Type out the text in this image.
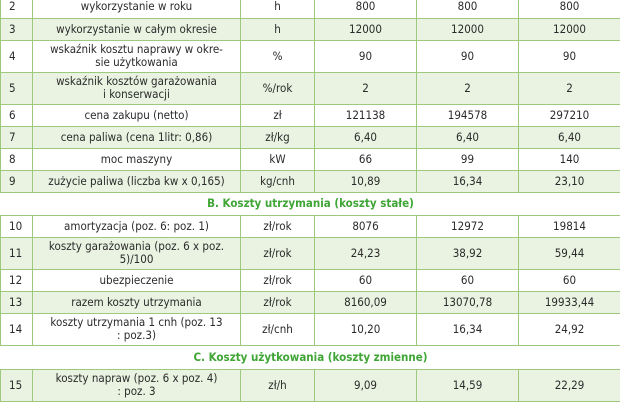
2	wykorzystanie w roku	h	800	800	800
3	wykorzystanie w całym okresie	h	12000	12000	12000
4	wskaźnik kosztu naprawy w okre-
sie użytkowania	%	90	90	90
5	wskaźnik kosztów garażowania
i konserwacji	%/rok	2	2	2
6	cena zakupu (netto)	zł	121138	194578	297210
7	cena paliwa (cena 1litr: 0,86)	zł/kg	6,40	6,40	6,40
8	moc maszyny	kW	66	99	140
9	zużycie paliwa (liczba kw x 0,165)	kg/cnh	10,89	16,34	23,10
B. Koszty utrzymania (koszty stałe)					
10	amortyzacja (poz. 6: poz. 1)	zł/rok	8076	12972	19814
11	koszty garażowania (poz. 6 x poz.
5)/100	zł/rok	24,23	38,92	59,44
12	ubezpieczenie	zł/rok	60	60	60
13	razem koszty utrzymania	zł/rok	8160,09	13070,78	19933,44
14	koszty utrzymania 1 cnh (poz. 13
: poz.3)	zł/cnh	10,20	16,34	24,92
C. Koszty użytkowania (koszty zmienne)					
15	koszty napraw (poz. 6 x poz. 4)
: poz. 3	zł/h	9,09	14,59	22,29
